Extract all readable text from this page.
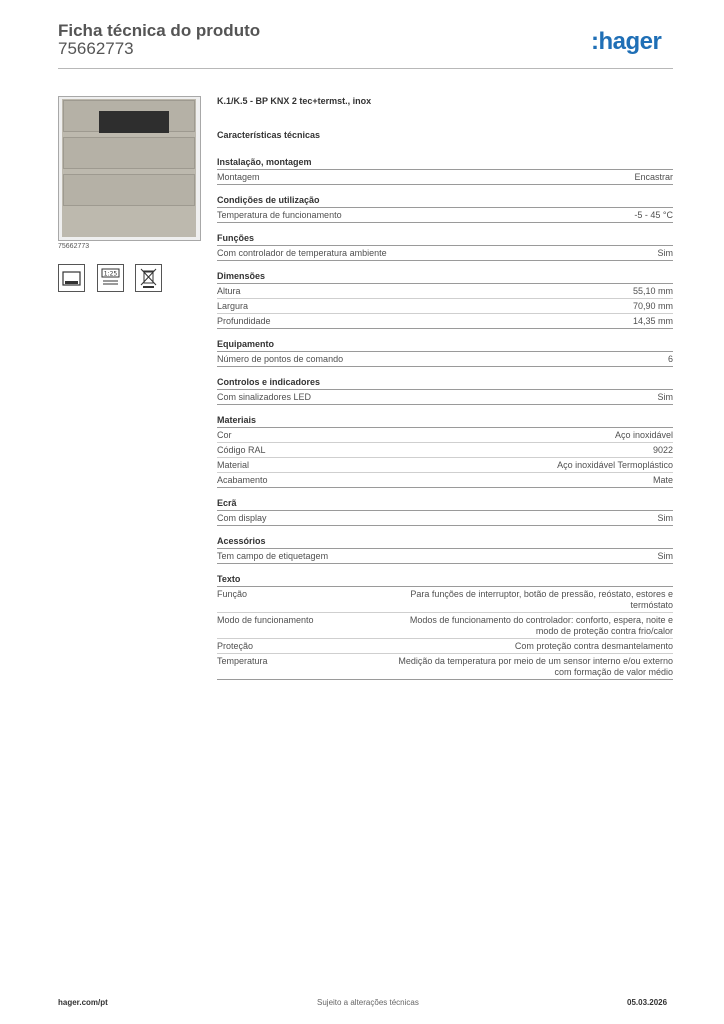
Ficha técnica do produto
75662773	:hager
75662773
1:25
K.1/K.5 - BP KNX 2 tec+termst., inox
Características técnicas
Instalação, montagem
Montagem	Encastrar
Condições de utilização
Temperatura de funcionamento	-5 - 45 °C
Funções
Com controlador de temperatura ambiente	Sim
Dimensões
Altura	55,10 mm
Largura	70,90 mm
Profundidade	14,35 mm
Equipamento
Número de pontos de comando	6
Controlos e indicadores
Com sinalizadores LED	Sim
Materiais
Cor	Aço inoxidável
Código RAL	9022
Material	Aço inoxidável Termoplástico
Acabamento	Mate
Ecrã
Com display	Sim
Acessórios
Tem campo de etiquetagem	Sim
Texto
Função	Para funções de interruptor, botão de pressão, reóstato, estores e termóstato
Modo de funcionamento	Modos de funcionamento do controlador: conforto, espera, noite e modo de proteção contra frio/calor
Proteção	Com proteção contra desmantelamento
Temperatura	Medição da temperatura por meio de um sensor interno e/ou externo com formação de valor médio
hager.com/pt	Sujeito a alterações técnicas	05.03.2026
